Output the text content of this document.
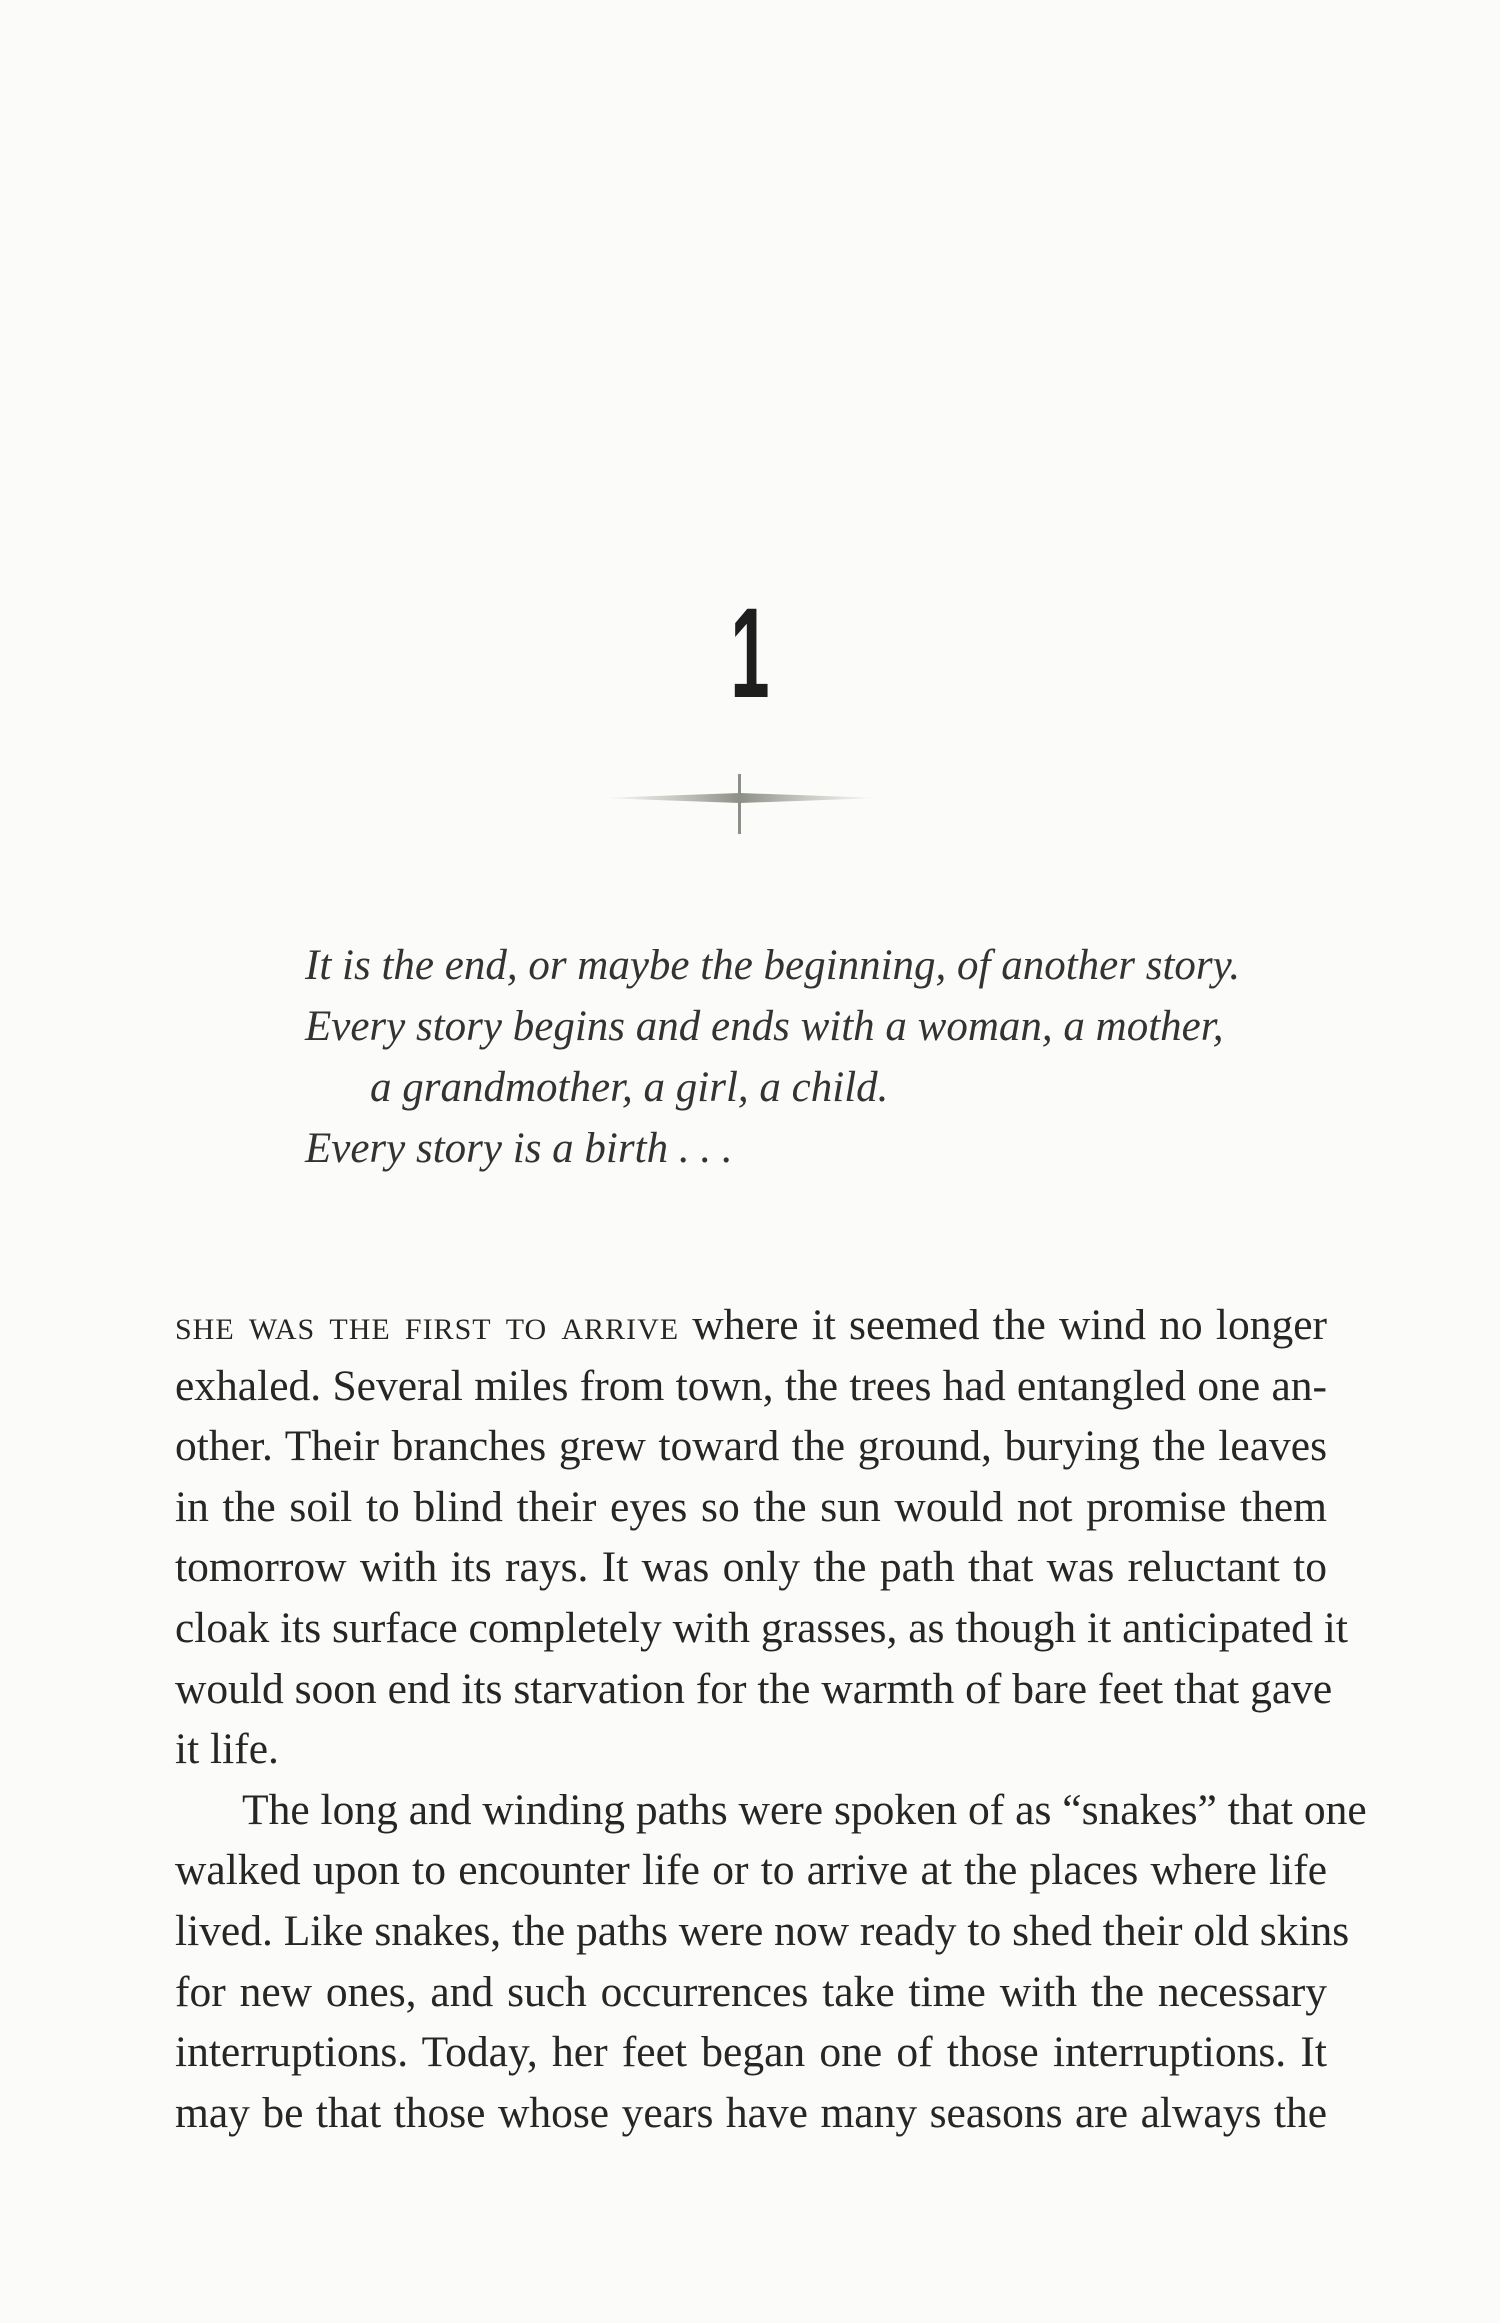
1
It is the end, or maybe the beginning, of another story.
Every story begins and ends with a woman, a mother,
a grandmother, a girl, a child.
Every story is a birth . . .
she was the first to arrive where it seemed the wind no longer
exhaled. Several miles from town, the trees had entangled one an-
other. Their branches grew toward the ground, burying the leaves
in the soil to blind their eyes so the sun would not promise them
tomorrow with its rays. It was only the path that was reluctant to
cloak its surface completely with grasses, as though it anticipated it
would soon end its starvation for the warmth of bare feet that gave
it life.
The long and winding paths were spoken of as “snakes” that one
walked upon to encounter life or to arrive at the places where life
lived. Like snakes, the paths were now ready to shed their old skins
for new ones, and such occurrences take time with the necessary
interruptions. Today, her feet began one of those interruptions. It
may be that those whose years have many seasons are always the
